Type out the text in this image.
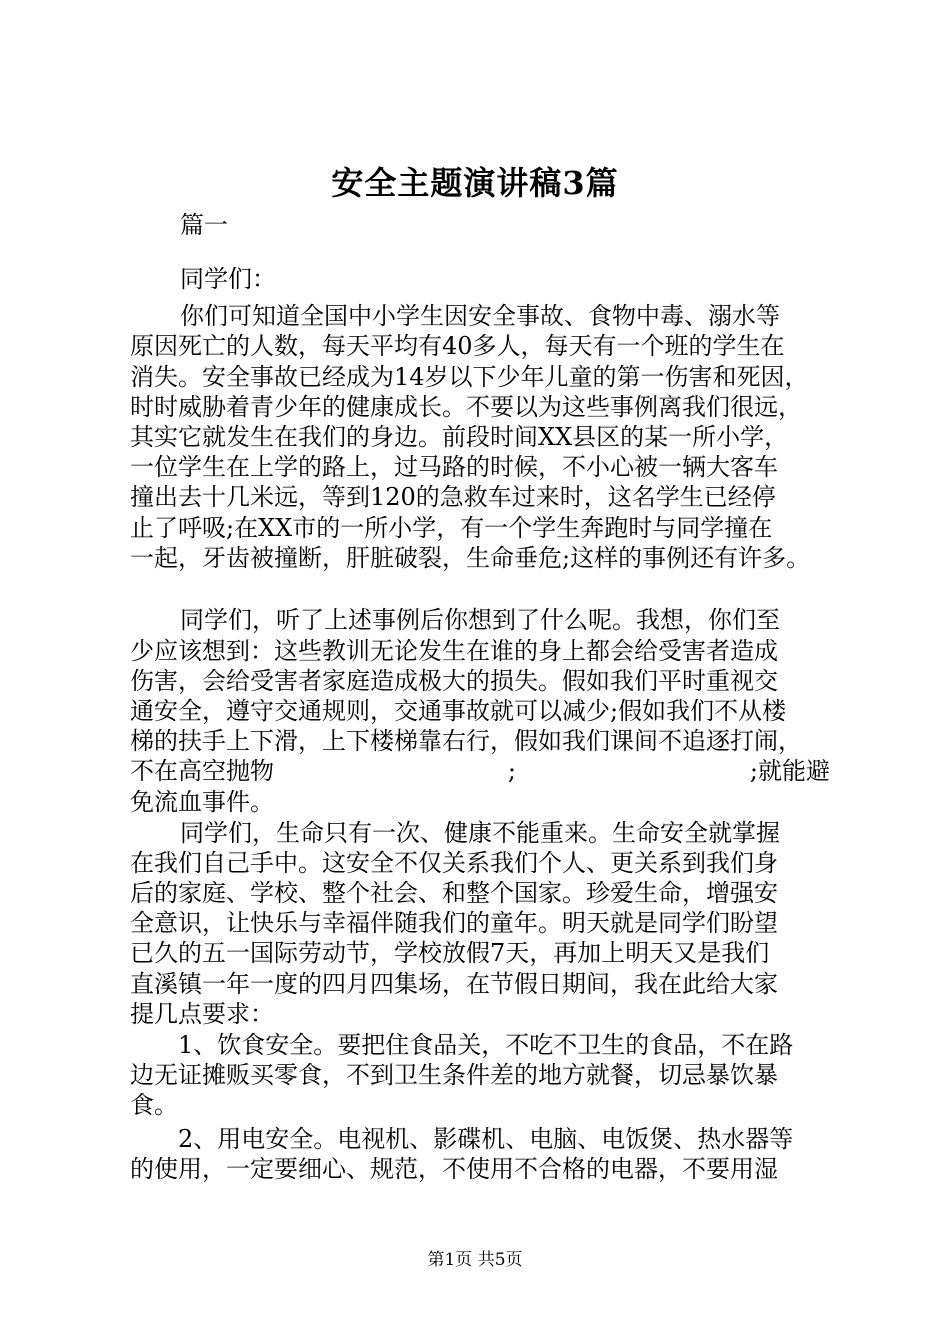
安全主题演讲稿3篇
篇一
同学们：
你们可知道全国中小学生因安全事故、食物中毒、溺水等
原因死亡的人数，每天平均有40多人，每天有一个班的学生在
消失。安全事故已经成为14岁以下少年儿童的第一伤害和死因，
时时威胁着青少年的健康成长。不要以为这些事例离我们很远，
其实它就发生在我们的身边。前段时间XX县区的某一所小学，
一位学生在上学的路上，过马路的时候，不小心被一辆大客车
撞出去十几米远，等到120的急救车过来时，这名学生已经停
止了呼吸;在XX市的一所小学，有一个学生奔跑时与同学撞在
一起，牙齿被撞断，肝脏破裂，生命垂危;这样的事例还有许多。
同学们，听了上述事例后你想到了什么呢。我想，你们至
少应该想到：这些教训无论发生在谁的身上都会给受害者造成
伤害，会给受害者家庭造成极大的损失。假如我们平时重视交
通安全，遵守交通规则，交通事故就可以减少;假如我们不从楼
梯的扶手上下滑，上下楼梯靠右行，假如我们课间不追逐打闹，
不在高空抛物	;	;就能避
免流血事件。
同学们，生命只有一次、健康不能重来。生命安全就掌握
在我们自己手中。这安全不仅关系我们个人、更关系到我们身
后的家庭、学校、整个社会、和整个国家。珍爱生命，增强安
全意识，让快乐与幸福伴随我们的童年。明天就是同学们盼望
已久的五一国际劳动节，学校放假7天，再加上明天又是我们
直溪镇一年一度的四月四集场，在节假日期间，我在此给大家
提几点要求：
1、饮食安全。要把住食品关，不吃不卫生的食品，不在路
边无证摊贩买零食，不到卫生条件差的地方就餐，切忌暴饮暴
食。
2、用电安全。电视机、影碟机、电脑、电饭煲、热水器等
的使用，一定要细心、规范，不使用不合格的电器，不要用湿
第1页 共5页
